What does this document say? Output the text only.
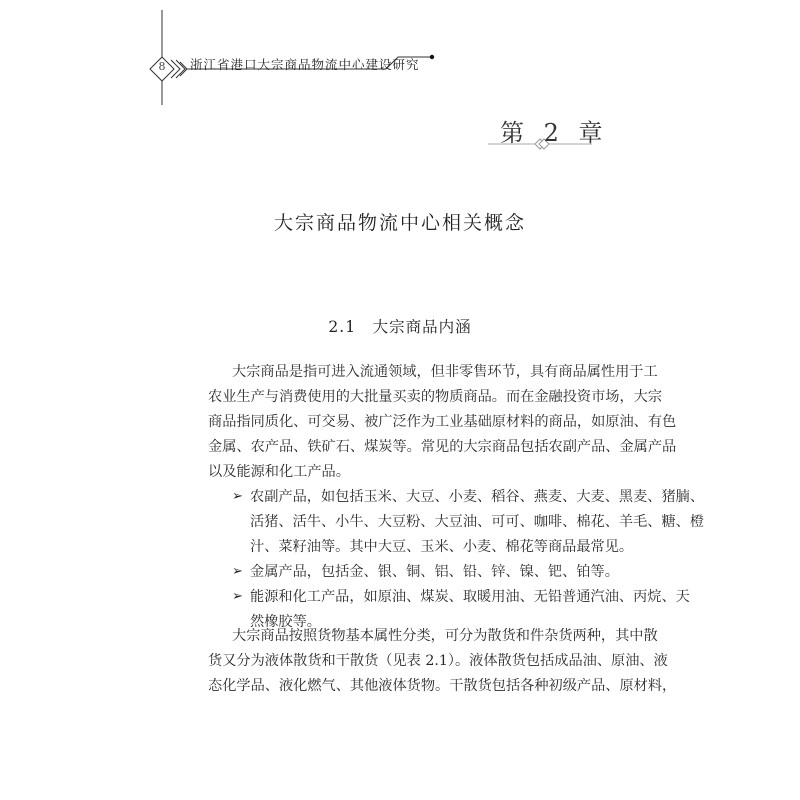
8	浙江省港口大宗商品物流中心建设研究
第 2 章
大宗商品物流中心相关概念
2.1　大宗商品内涵
大宗商品是指可进入流通领域，但非零售环节，具有商品属性用于工
农业生产与消费使用的大批量买卖的物质商品。而在金融投资市场，大宗
商品指同质化、可交易、被广泛作为工业基础原材料的商品，如原油、有色
金属、农产品、铁矿石、煤炭等。常见的大宗商品包括农副产品、金属产品
以及能源和化工产品。
➢ 农副产品，如包括玉米、大豆、小麦、稻谷、燕麦、大麦、黑麦、猪腩、
活猪、活牛、小牛、大豆粉、大豆油、可可、咖啡、棉花、羊毛、糖、橙
汁、菜籽油等。其中大豆、玉米、小麦、棉花等商品最常见。
➢ 金属产品，包括金、银、铜、铝、铅、锌、镍、钯、铂等。
➢ 能源和化工产品，如原油、煤炭、取暖用油、无铅普通汽油、丙烷、天
然橡胶等。
大宗商品按照货物基本属性分类，可分为散货和件杂货两种，其中散
货又分为液体散货和干散货（见表 2.1）。液体散货包括成品油、原油、液
态化学品、液化燃气、其他液体货物。干散货包括各种初级产品、原材料，
